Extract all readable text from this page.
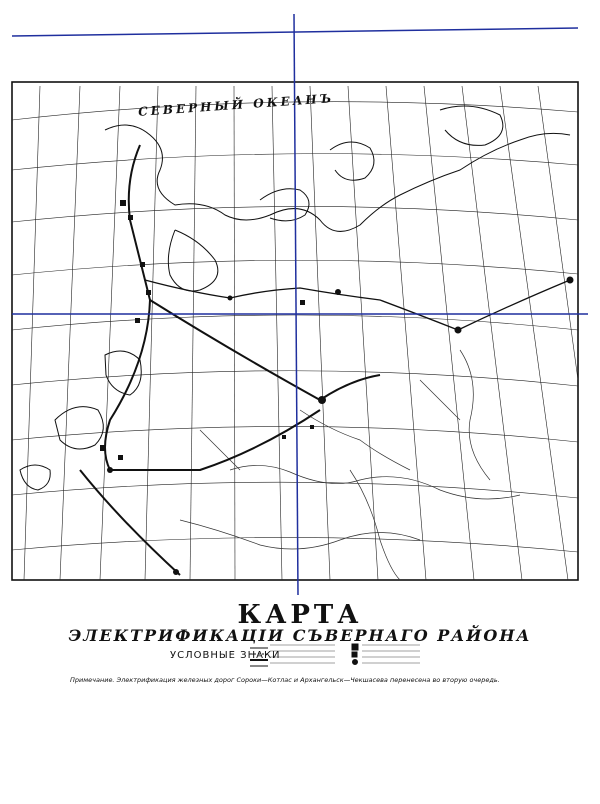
СЕВЕРНЫЙ ОКЕАНЪ
КАРТА
ЭЛЕКТРИФИКАЦІИ СЪВЕРНАГО РАЙОНА
УСЛОВНЫЕ ЗНАКИ
Примечание. Электрификация железных дорог Сороки—Котлас и Архангельск—Чекшасева перенесена во вторую очередь.
